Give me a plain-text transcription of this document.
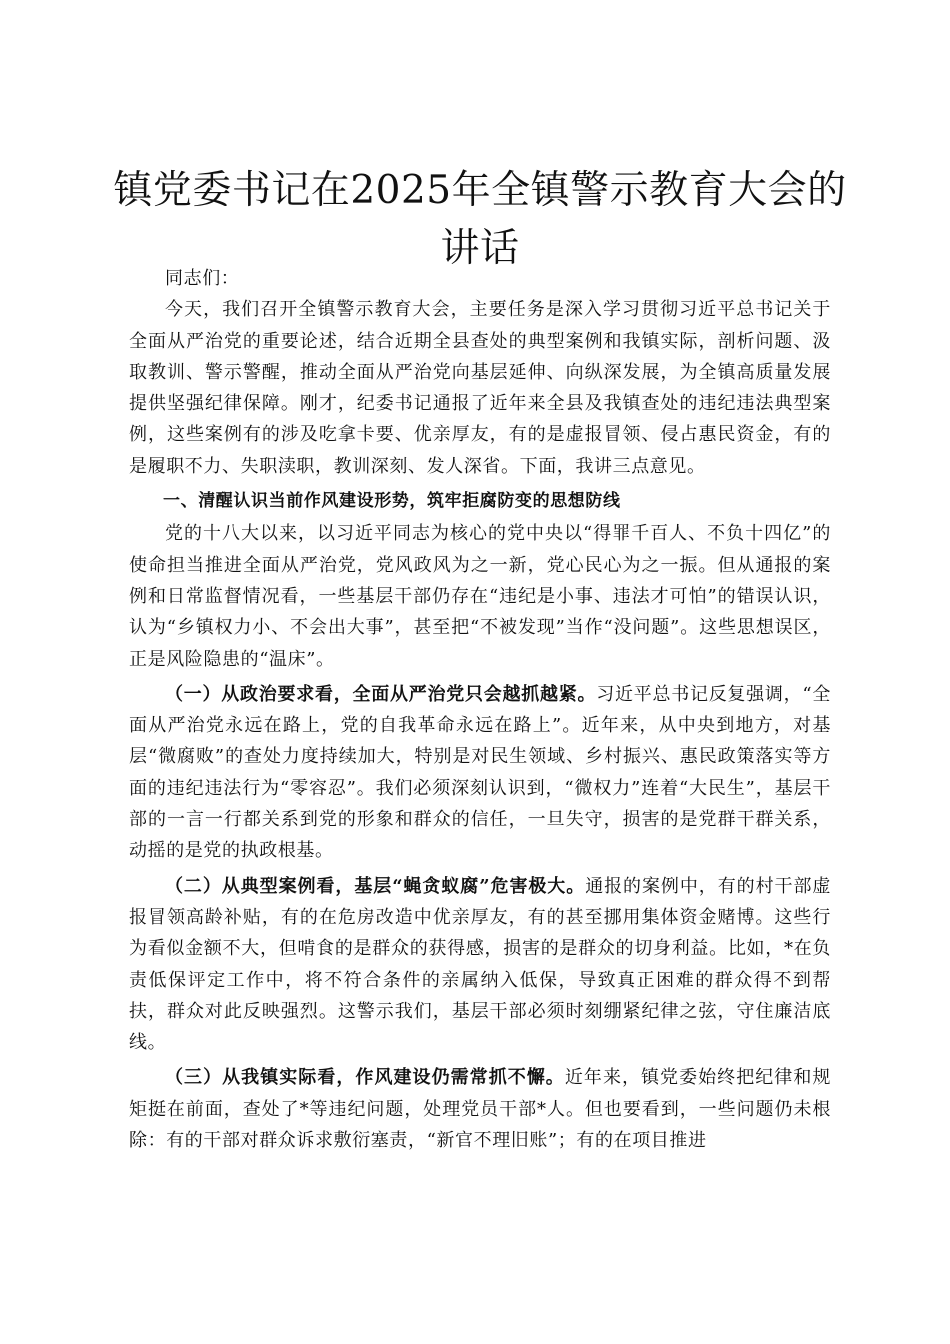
镇党委书记在2025年全镇警示教育大会的讲话

同志们：

今天，我们召开全镇警示教育大会，主要任务是深入学习贯彻习近平总书记关于全面从严治党的重要论述，结合近期全县查处的典型案例和我镇实际，剖析问题、汲取教训、警示警醒，推动全面从严治党向基层延伸、向纵深发展，为全镇高质量发展提供坚强纪律保障。刚才，纪委书记通报了近年来全县及我镇查处的违纪违法典型案例，这些案例有的涉及吃拿卡要、优亲厚友，有的是虚报冒领、侵占惠民资金，有的是履职不力、失职渎职，教训深刻、发人深省。下面，我讲三点意见。

一、清醒认识当前作风建设形势，筑牢拒腐防变的思想防线

党的十八大以来，以习近平同志为核心的党中央以“得罪千百人、不负十四亿”的使命担当推进全面从严治党，党风政风为之一新，党心民心为之一振。但从通报的案例和日常监督情况看，一些基层干部仍存在“违纪是小事、违法才可怕”的错误认识，认为“乡镇权力小、不会出大事”，甚至把“不被发现”当作“没问题”。这些思想误区，正是风险隐患的“温床”。

（一）从政治要求看，全面从严治党只会越抓越紧。习近平总书记反复强调，“全面从严治党永远在路上，党的自我革命永远在路上”。近年来，从中央到地方，对基层“微腐败”的查处力度持续加大，特别是对民生领域、乡村振兴、惠民政策落实等方面的违纪违法行为“零容忍”。我们必须深刻认识到，“微权力”连着“大民生”，基层干部的一言一行都关系到党的形象和群众的信任，一旦失守，损害的是党群干群关系，动摇的是党的执政根基。

（二）从典型案例看，基层“蝇贪蚁腐”危害极大。通报的案例中，有的村干部虚报冒领高龄补贴，有的在危房改造中优亲厚友，有的甚至挪用集体资金赌博。这些行为看似金额不大，但啃食的是群众的获得感，损害的是群众的切身利益。比如，*在负责低保评定工作中，将不符合条件的亲属纳入低保，导致真正困难的群众得不到帮扶，群众对此反映强烈。这警示我们，基层干部必须时刻绷紧纪律之弦，守住廉洁底线。

（三）从我镇实际看，作风建设仍需常抓不懈。近年来，镇党委始终把纪律和规矩挺在前面，查处了*等违纪问题，处理党员干部*人。但也要看到，一些问题仍未根除：有的干部对群众诉求敷衍塞责，“新官不理旧账”；有的在项目推进
